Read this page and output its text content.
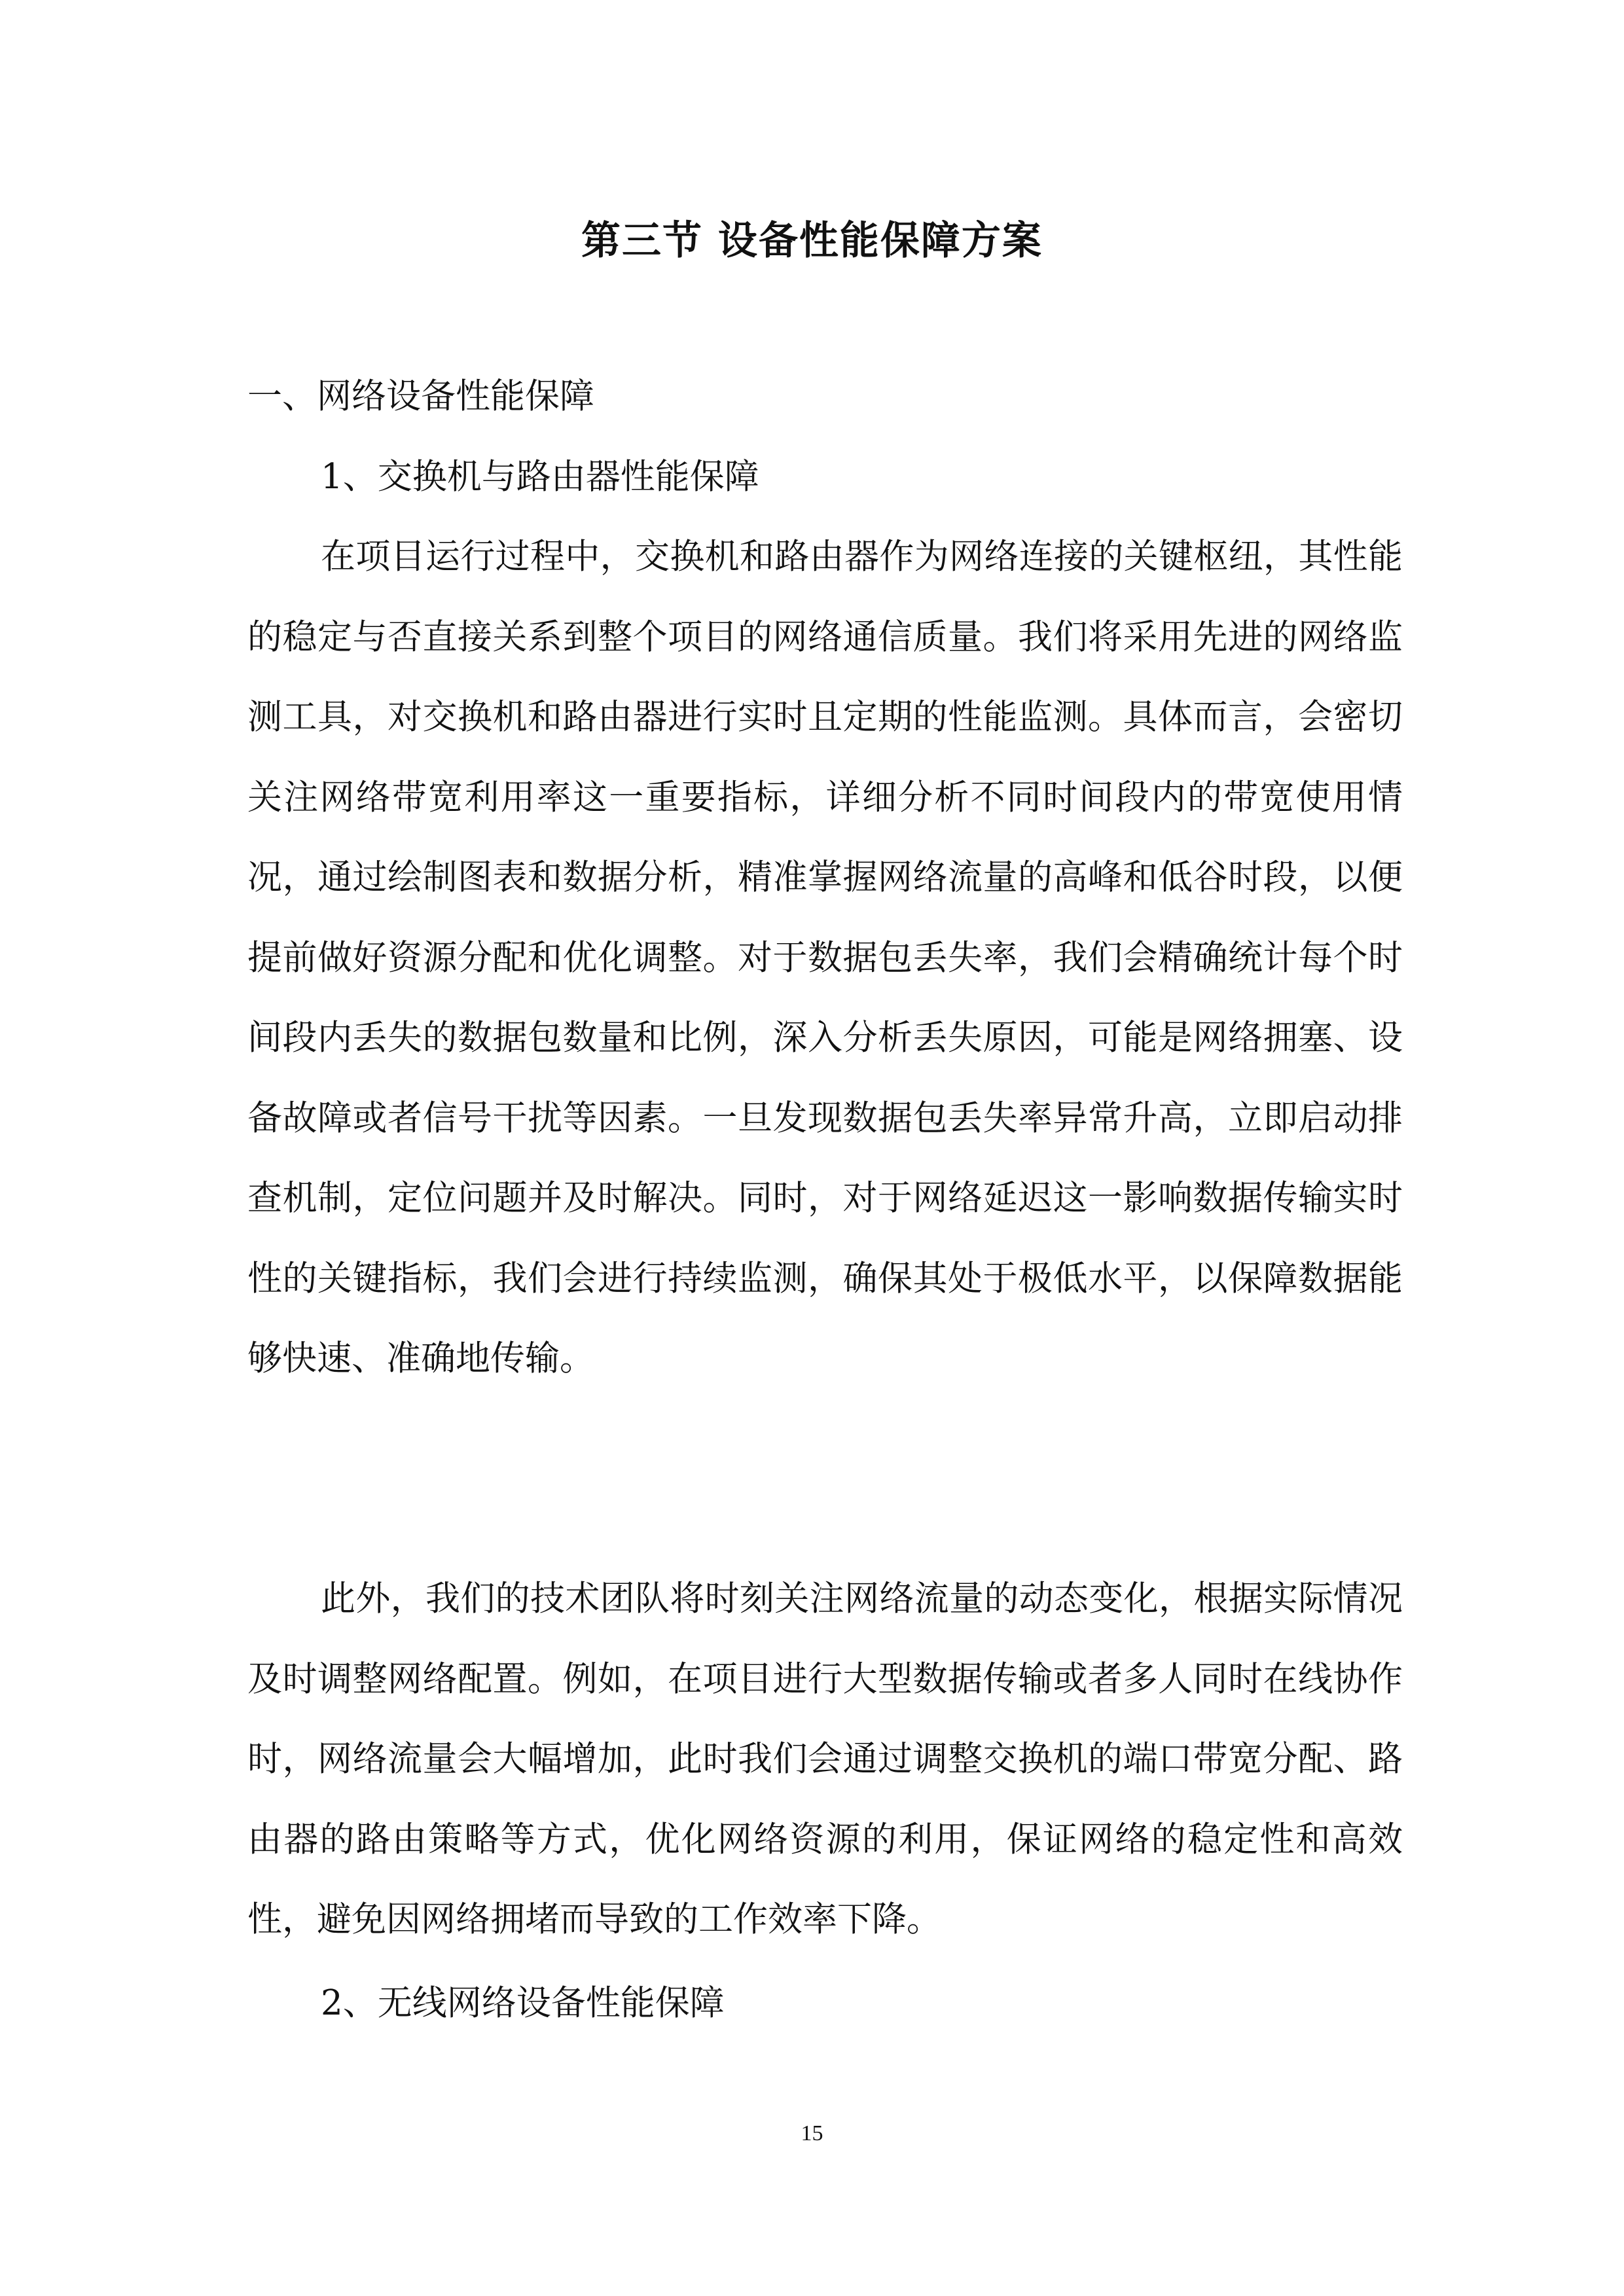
第三节 设备性能保障方案
一、网络设备性能保障
1、交换机与路由器性能保障
在项目运行过程中，交换机和路由器作为网络连接的关键枢纽，其性能的稳定与否直接关系到整个项目的网络通信质量。我们将采用先进的网络监测工具，对交换机和路由器进行实时且定期的性能监测。具体而言，会密切关注网络带宽利用率这一重要指标，详细分析不同时间段内的带宽使用情况，通过绘制图表和数据分析，精准掌握网络流量的高峰和低谷时段，以便提前做好资源分配和优化调整。对于数据包丢失率，我们会精确统计每个时间段内丢失的数据包数量和比例，深入分析丢失原因，可能是网络拥塞、设备故障或者信号干扰等因素。一旦发现数据包丢失率异常升高，立即启动排查机制，定位问题并及时解决。同时，对于网络延迟这一影响数据传输实时性的关键指标，我们会进行持续监测，确保其处于极低水平，以保障数据能够快速、准确地传输。
此外，我们的技术团队将时刻关注网络流量的动态变化，根据实际情况及时调整网络配置。例如，在项目进行大型数据传输或者多人同时在线协作时，网络流量会大幅增加，此时我们会通过调整交换机的端口带宽分配、路由器的路由策略等方式，优化网络资源的利用，保证网络的稳定性和高效性，避免因网络拥堵而导致的工作效率下降。
2、无线网络设备性能保障
15
